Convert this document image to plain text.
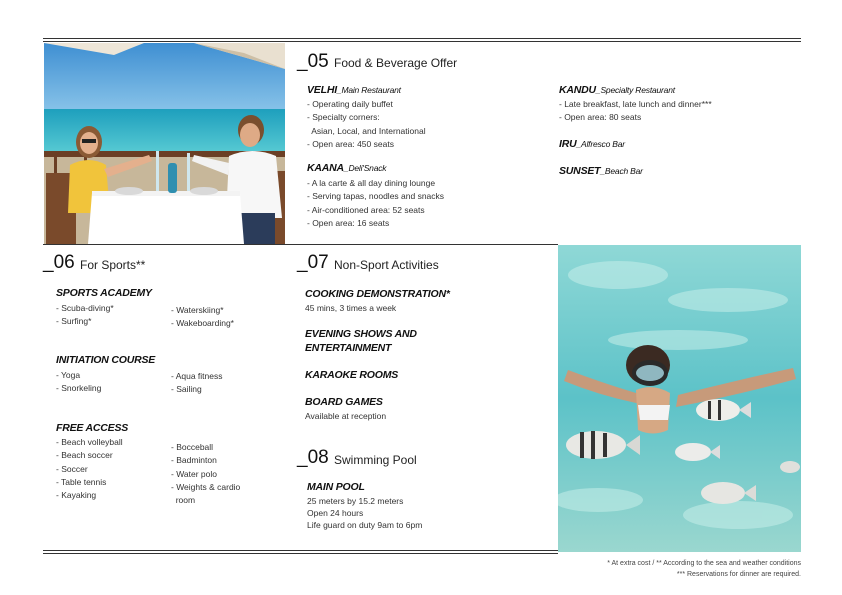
_05 Food & Beverage Offer
VELHI_Main Restaurant
- Operating daily buffet
- Specialty corners:
Asian, Local, and International
- Open area: 450 seats
KAANA_Deli'Snack
- A la carte & all day dining lounge
- Serving tapas, noodles and snacks
- Air-conditioned area: 52 seats
- Open area: 16 seats
KANDU_Specialty Restaurant
- Late breakfast, late lunch and dinner***
- Open area: 80 seats
IRU_Alfresco Bar
SUNSET_Beach Bar
_06 For Sports**
SPORTS ACADEMY
- Scuba-diving*
- Surfing*
- Waterskiing*
- Wakeboarding*
INITIATION COURSE
- Yoga
- Snorkeling
- Aqua fitness
- Sailing
FREE ACCESS
- Beach volleyball
- Beach soccer
- Soccer
- Table tennis
- Kayaking
- Bocceball
- Badminton
- Water polo
- Weights & cardio
room
_07 Non-Sport Activities
COOKING DEMONSTRATION*
45 mins, 3 times a week
EVENING SHOWS AND
ENTERTAINMENT
KARAOKE ROOMS
BOARD GAMES
Available at reception
_08 Swimming Pool
MAIN POOL
25 meters by 15.2 meters
Open 24 hours
Life guard on duty 9am to 6pm
* At extra cost / ** According to the sea and weather conditions
*** Reservations for dinner are required.
